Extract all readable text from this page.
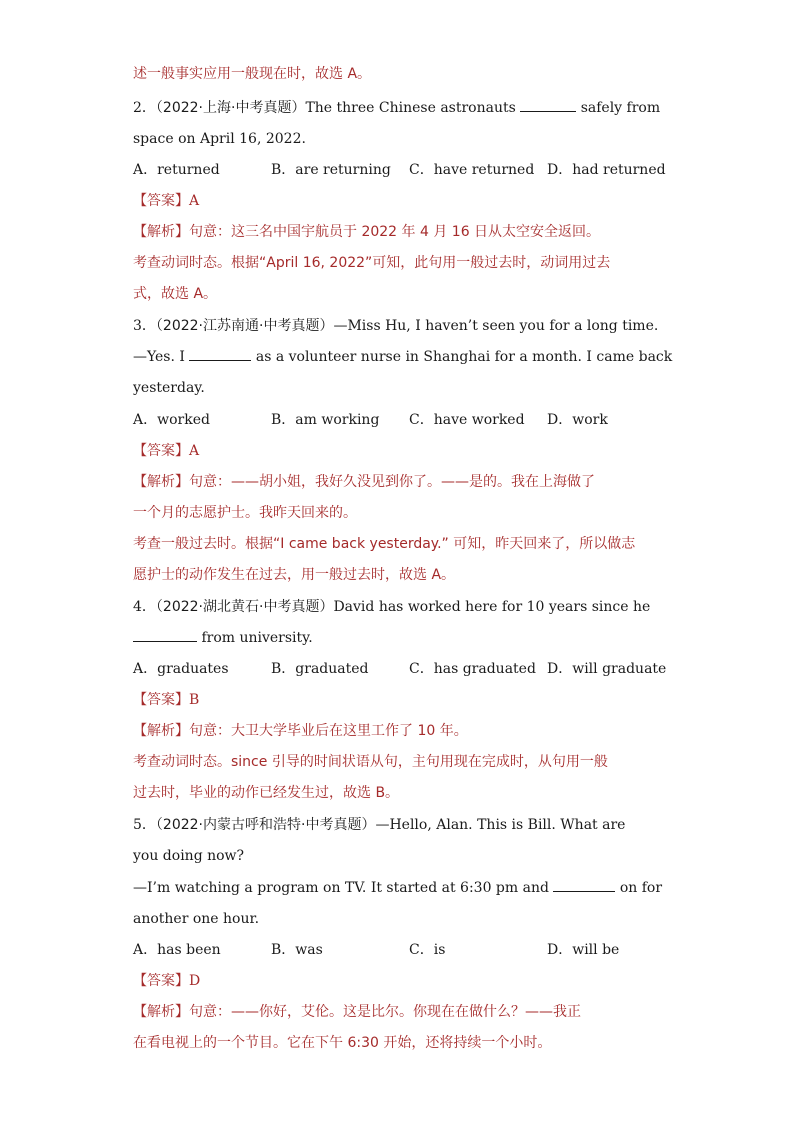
述一般事实应用一般现在时，故选 A。
2．（2022·上海·中考真题）The three Chinese astronauts	safely from
space on April 16, 2022.
A．returned	B．are returning C．have returned D．had returned
【答案】A
【解析】句意：这三名中国宇航员于 2022 年 4 月 16 日从太空安全返回。
考查动词时态。根据“April 16, 2022”可知，此句用一般过去时，动词用过去
式，故选 A。
3．（2022·江苏南通·中考真题）—Miss Hu, I haven’t seen you for a long time.
—Yes. I	as a volunteer nurse in Shanghai for a month. I came back
yesterday.
A．worked	B．am working C．have worked D．work
【答案】A
【解析】句意：——胡小姐，我好久没见到你了。——是的。我在上海做了
一个月的志愿护士。我昨天回来的。
考查一般过去时。根据“I came back yesterday.” 可知，昨天回来了，所以做志
愿护士的动作发生在过去，用一般过去时，故选 A。
4．（2022·湖北黄石·中考真题）David has worked here for 10 years since he
from university.
A．graduates	B．graduated	C．has graduated D．will graduate
【答案】B
【解析】句意：大卫大学毕业后在这里工作了 10 年。
考查动词时态。since 引导的时间状语从句，主句用现在完成时，从句用一般
过去时，毕业的动作已经发生过，故选 B。
5．（2022·内蒙古呼和浩特·中考真题）—Hello, Alan. This is Bill. What are
you doing now?
—I’m watching a program on TV. It started at 6:30 pm and	on for
another one hour.
A．has been	B．was	C．is	D．will be
【答案】D
【解析】句意：——你好，艾伦。这是比尔。你现在在做什么？——我正
在看电视上的一个节目。它在下午 6:30 开始，还将持续一个小时。
